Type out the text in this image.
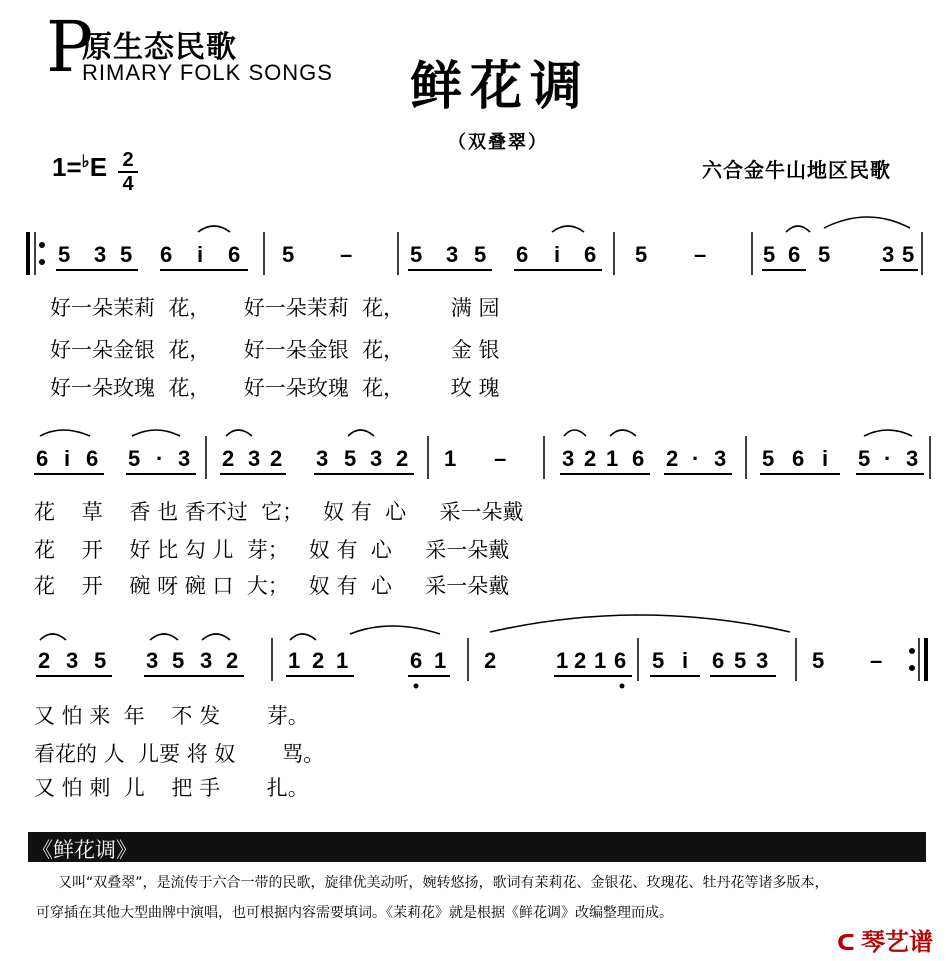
P
原生态民歌
RIMARY FOLK SONGS 鲜花调
（双叠翠）
1=♭E 2
4
六合金牛山地区民歌
5 3 5 6 i 6 5 –	5 3 5 6 i 6 5 –	5 6 5 3 5
6 i 6 5 · 3 2 3 2 3 5 3 2 1 –	3 2 1 6 2 · 3 5 6 i 5 · 3
2 3 5 3 5 3 2 1 2 1	6 1 2	1 2 1 6 5 i 6 5 3 5 –
好一朵茉莉  花，     好一朵茉莉  花，       满 园
好一朵金银  花，     好一朵金银  花，       金 银
好一朵玫瑰  花，     好一朵玫瑰  花，       玫 瑰
花    草    香 也 香不过  它；   奴 有  心     采一朵戴
花    开    好 比 勾 儿  芽；   奴 有  心     采一朵戴
花    开    碗 呀 碗 口  大；   奴 有  心     采一朵戴
又 怕 来  年    不 发       芽。
看花的 人  儿要 将 奴       骂。
又 怕 刺  儿    把 手       扎。
《鲜花调》
又叫“双叠翠”，是流传于六合一带的民歌，旋律优美动听，婉转悠扬，歌词有茉莉花、金银花、玫瑰花、牡丹花等诸多版本，
可穿插在其他大型曲牌中演唱，也可根据内容需要填词。《茉莉花》就是根据《鲜花调》改编整理而成。
ᑕ 琴艺谱
